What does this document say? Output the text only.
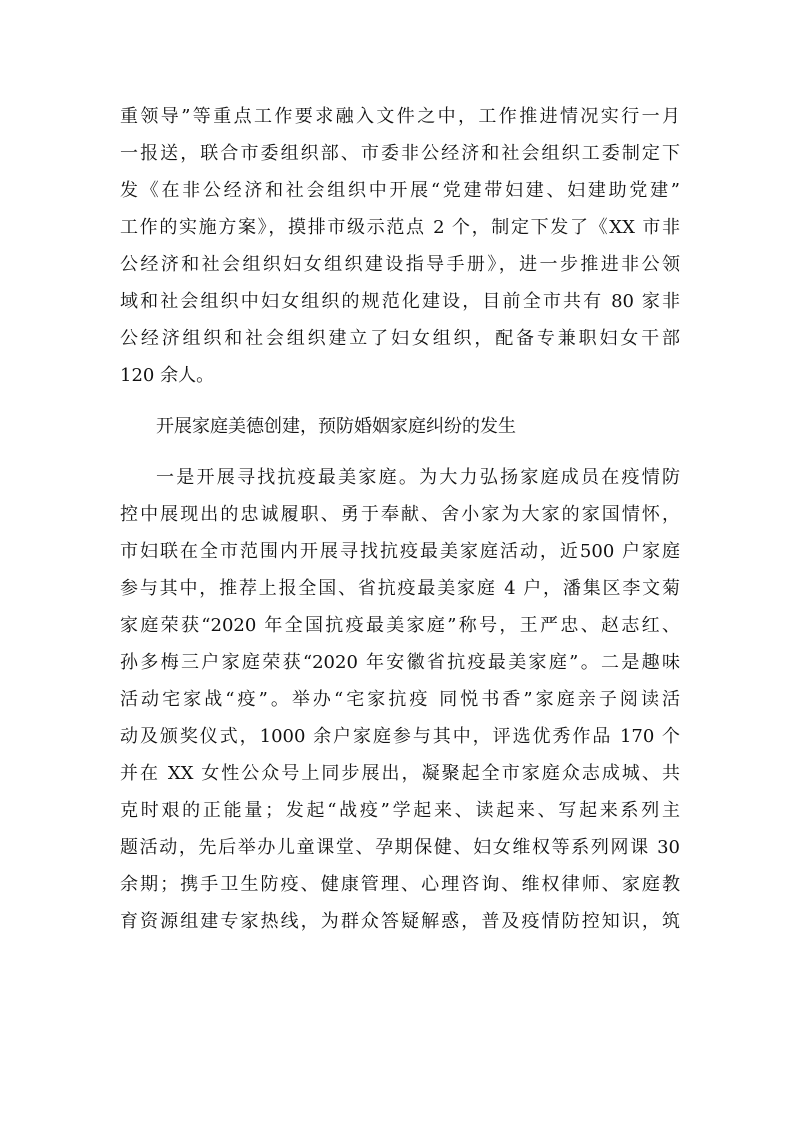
重领导”等重点工作要求融入文件之中，工作推进情况实行一月
一报送，联合市委组织部、市委非公经济和社会组织工委制定下
发《在非公经济和社会组织中开展“党建带妇建、妇建助党建”
工作的实施方案》，摸排市级示范点 2 个，制定下发了《XX 市非
公经济和社会组织妇女组织建设指导手册》，进一步推进非公领
域和社会组织中妇女组织的规范化建设，目前全市共有 80 家非
公经济组织和社会组织建立了妇女组织，配备专兼职妇女干部
120 余人。
开展家庭美德创建，预防婚姻家庭纠纷的发生
一是开展寻找抗疫最美家庭。为大力弘扬家庭成员在疫情防
控中展现出的忠诚履职、勇于奉献、舍小家为大家的家国情怀，
市妇联在全市范围内开展寻找抗疫最美家庭活动，近500 户家庭
参与其中，推荐上报全国、省抗疫最美家庭 4 户，潘集区李文菊
家庭荣获“2020 年全国抗疫最美家庭”称号，王严忠、赵志红、
孙多梅三户家庭荣获“2020 年安徽省抗疫最美家庭”。二是趣味
活动宅家战“疫”。举办“宅家抗疫 同悦书香”家庭亲子阅读活
动及颁奖仪式，1000 余户家庭参与其中，评选优秀作品 170 个
并在 XX 女性公众号上同步展出，凝聚起全市家庭众志成城、共
克时艰的正能量；发起“战疫”学起来、读起来、写起来系列主
题活动，先后举办儿童课堂、孕期保健、妇女维权等系列网课 30
余期；携手卫生防疫、健康管理、心理咨询、维权律师、家庭教
育资源组建专家热线，为群众答疑解惑，普及疫情防控知识，筑
